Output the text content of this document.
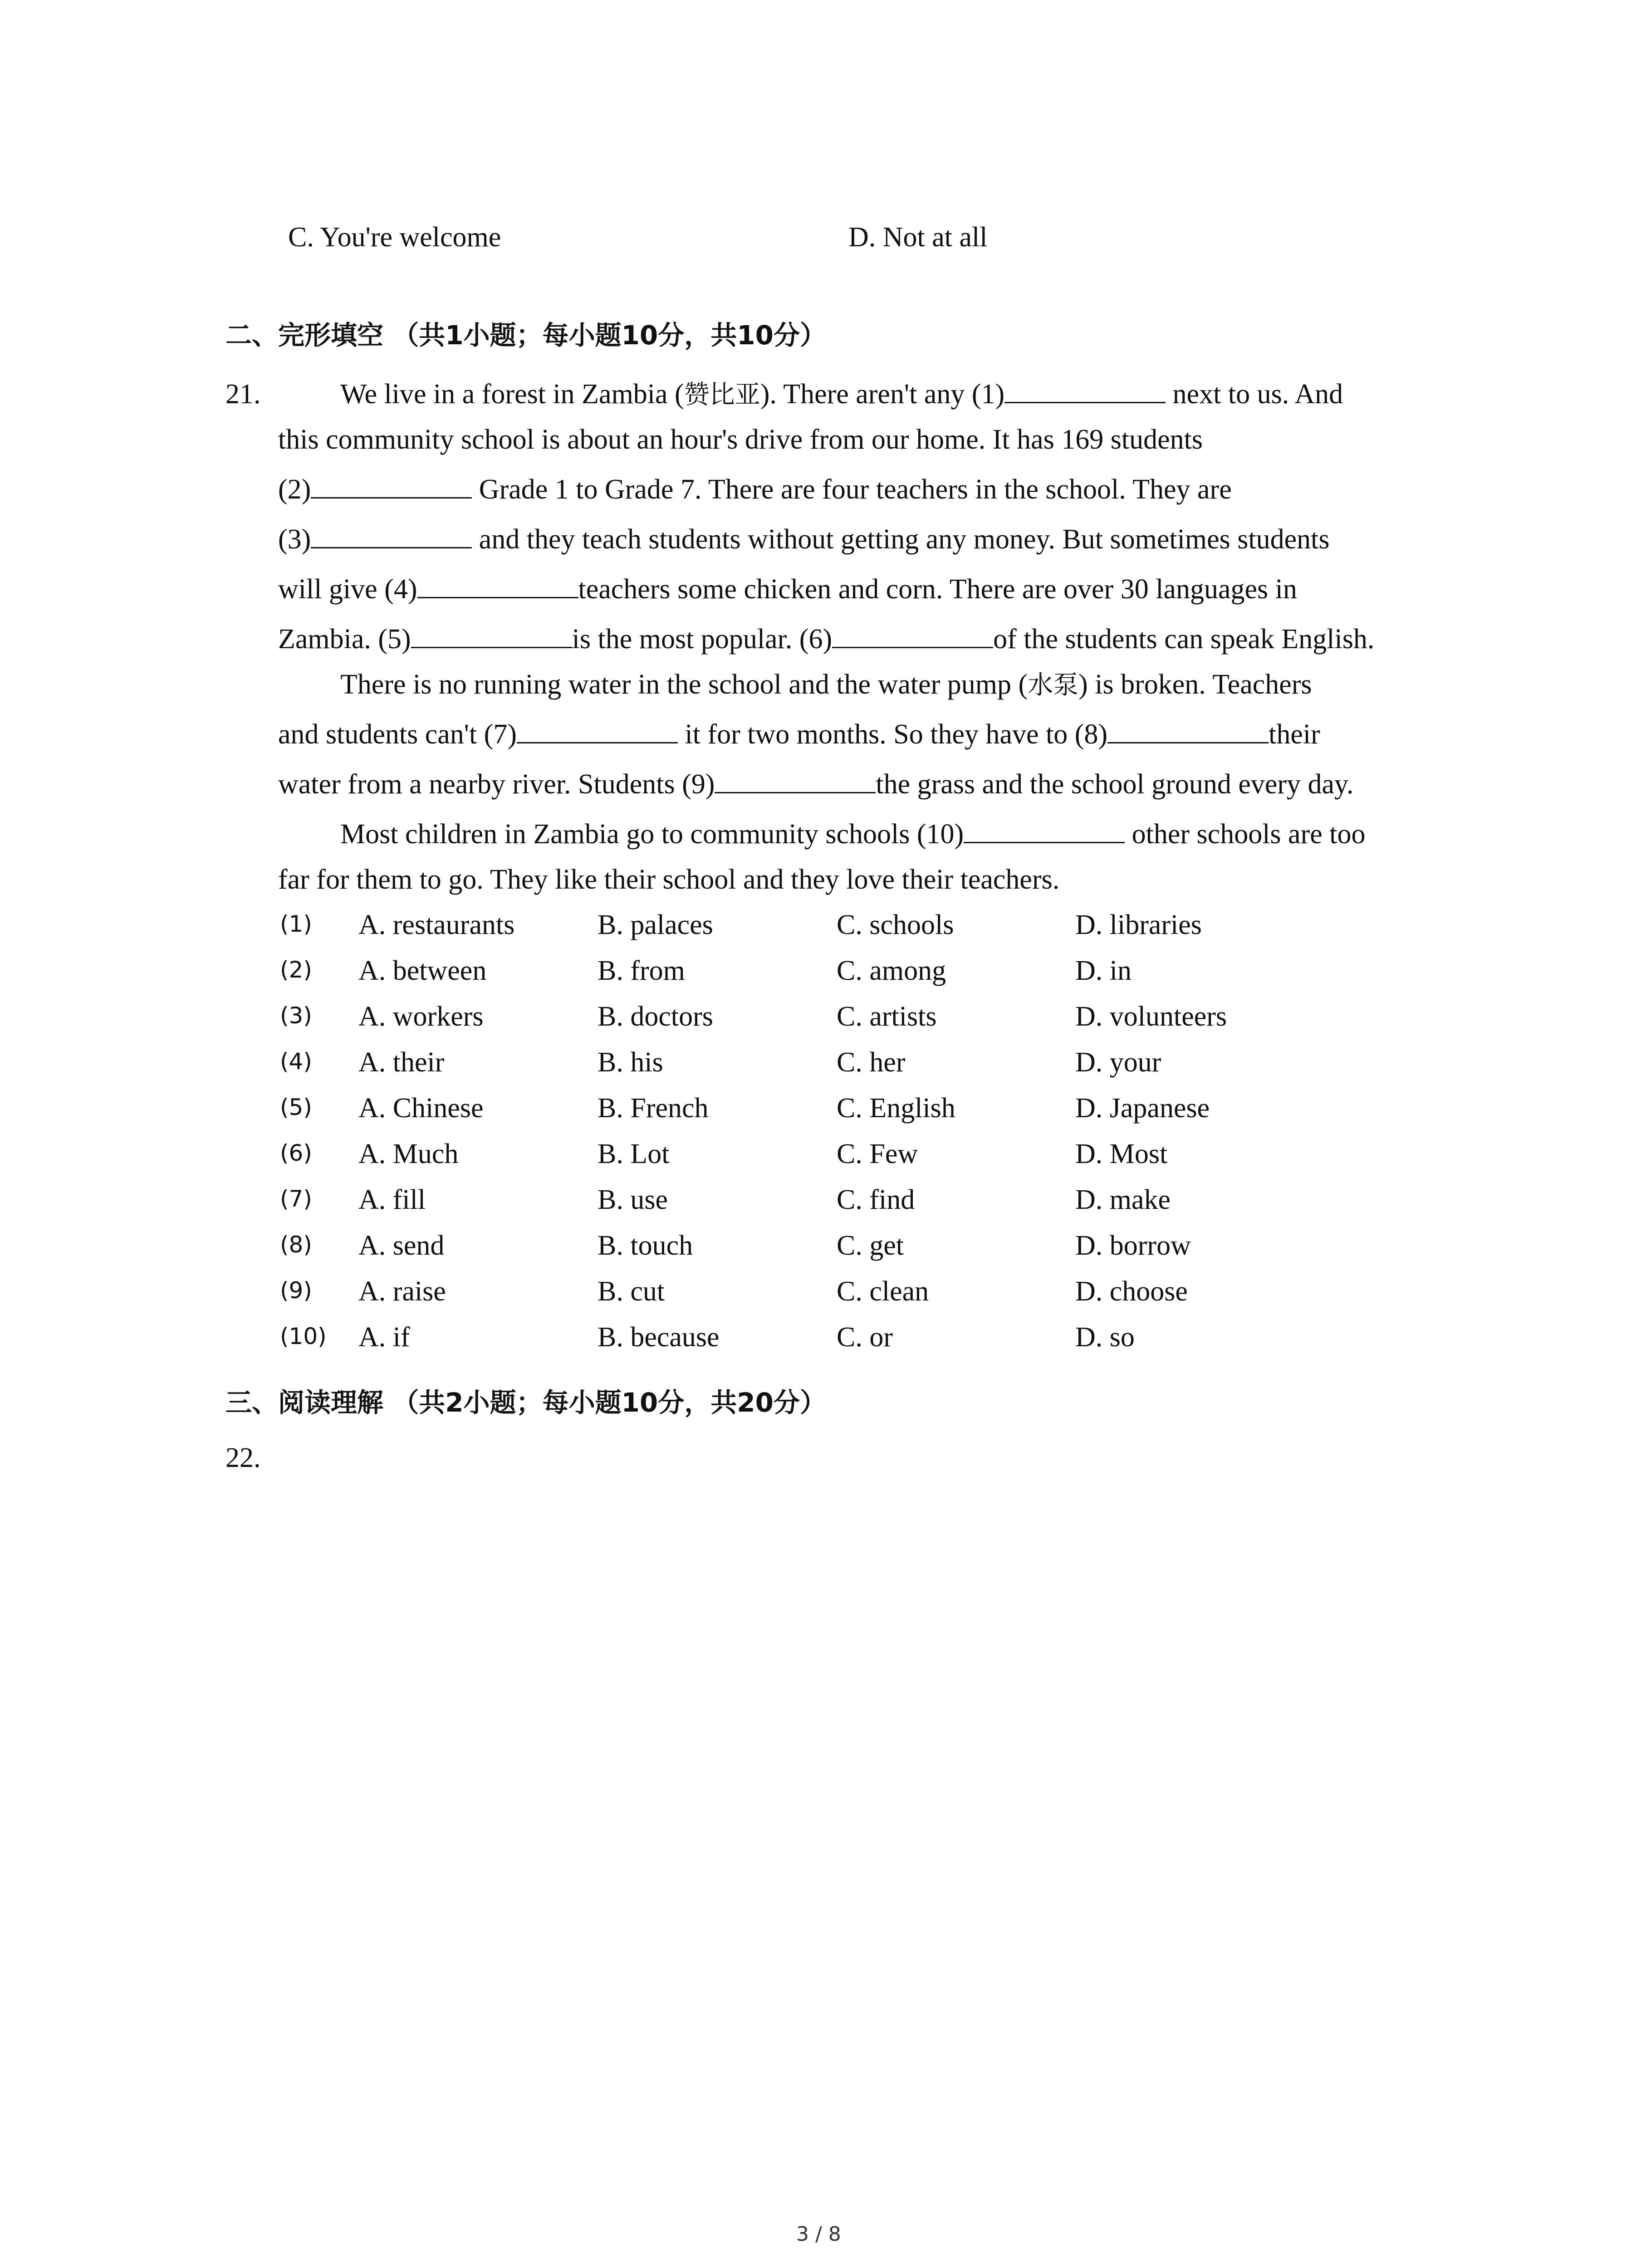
C. You're welcome	D. Not at all
二、完形填空 （共1小题；每小题10分，共10分）
21.	We live in a forest in Zambia (赞比亚). There aren't any (1)	next to us. And
this community school is about an hour's drive from our home. It has 169 students
(2)	Grade 1 to Grade 7. There are four teachers in the school. They are
(3)	and they teach students without getting any money. But sometimes students
will give (4)	teachers some chicken and corn. There are over 30 languages in
Zambia. (5)	is the most popular. (6)	of the students can speak English.
There is no running water in the school and the water pump (水泵) is broken. Teachers
and students can't (7)	it for two months. So they have to (8)	their
water from a nearby river. Students (9)	the grass and the school ground every day.
Most children in Zambia go to community schools (10)	other schools are too
far for them to go. They like their school and they love their teachers.
(1) A. restaurants	B. palaces	C. schools	D. libraries
(2) A. between	B. from	C. among	D. in
(3) A. workers	B. doctors	C. artists	D. volunteers
(4) A. their	B. his	C. her	D. your
(5) A. Chinese	B. French	C. English	D. Japanese
(6) A. Much	B. Lot	C. Few	D. Most
(7) A. fill	B. use	C. find	D. make
(8) A. send	B. touch	C. get	D. borrow
(9) A. raise	B. cut	C. clean	D. choose
(10) A. if	B. because	C. or	D. so
三、阅读理解 （共2小题；每小题10分，共20分）
22.
3 / 8
